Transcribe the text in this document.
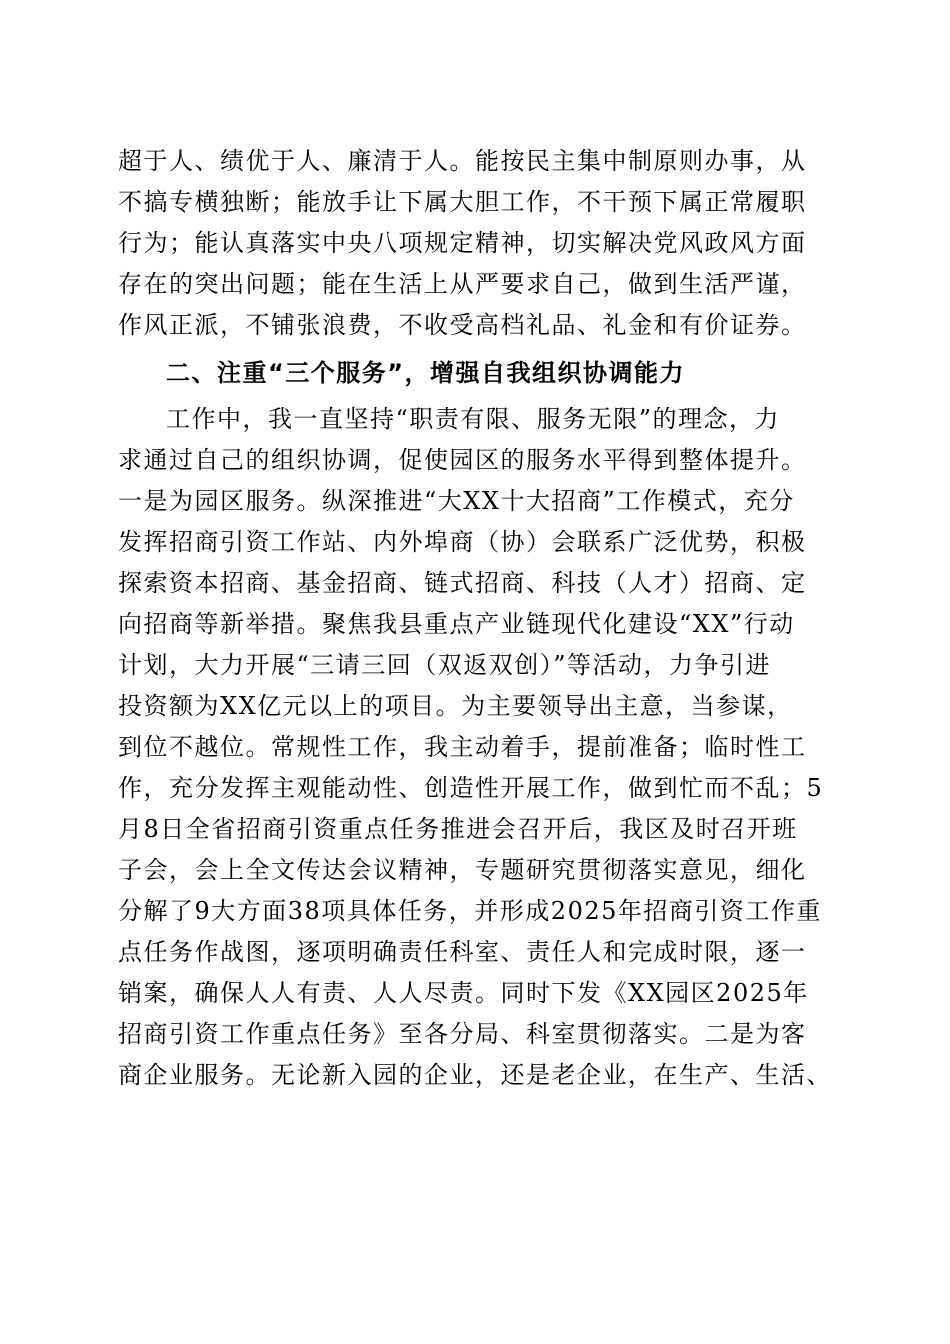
超于人、绩优于人、廉清于人。能按民主集中制原则办事，从
不搞专横独断；能放手让下属大胆工作，不干预下属正常履职
行为；能认真落实中央八项规定精神，切实解决党风政风方面
存在的突出问题；能在生活上从严要求自己，做到生活严谨，
作风正派，不铺张浪费，不收受高档礼品、礼金和有价证券。
二、注重“三个服务”，增强自我组织协调能力
工作中，我一直坚持“职责有限、服务无限”的理念，力
求通过自己的组织协调，促使园区的服务水平得到整体提升。
一是为园区服务。纵深推进“大XX十大招商”工作模式，充分
发挥招商引资工作站、内外埠商（协）会联系广泛优势，积极
探索资本招商、基金招商、链式招商、科技（人才）招商、定
向招商等新举措。聚焦我县重点产业链现代化建设“XX”行动
计划，大力开展“三请三回（双返双创）”等活动，力争引进
投资额为XX亿元以上的项目。为主要领导出主意，当参谋，
到位不越位。常规性工作，我主动着手，提前准备；临时性工
作，充分发挥主观能动性、创造性开展工作，做到忙而不乱；5
月8日全省招商引资重点任务推进会召开后，我区及时召开班
子会，会上全文传达会议精神，专题研究贯彻落实意见，细化
分解了9大方面38项具体任务，并形成2025年招商引资工作重
点任务作战图，逐项明确责任科室、责任人和完成时限，逐一
销案，确保人人有责、人人尽责。同时下发《XX园区2025年
招商引资工作重点任务》至各分局、科室贯彻落实。二是为客
商企业服务。无论新入园的企业，还是老企业，在生产、生活、
